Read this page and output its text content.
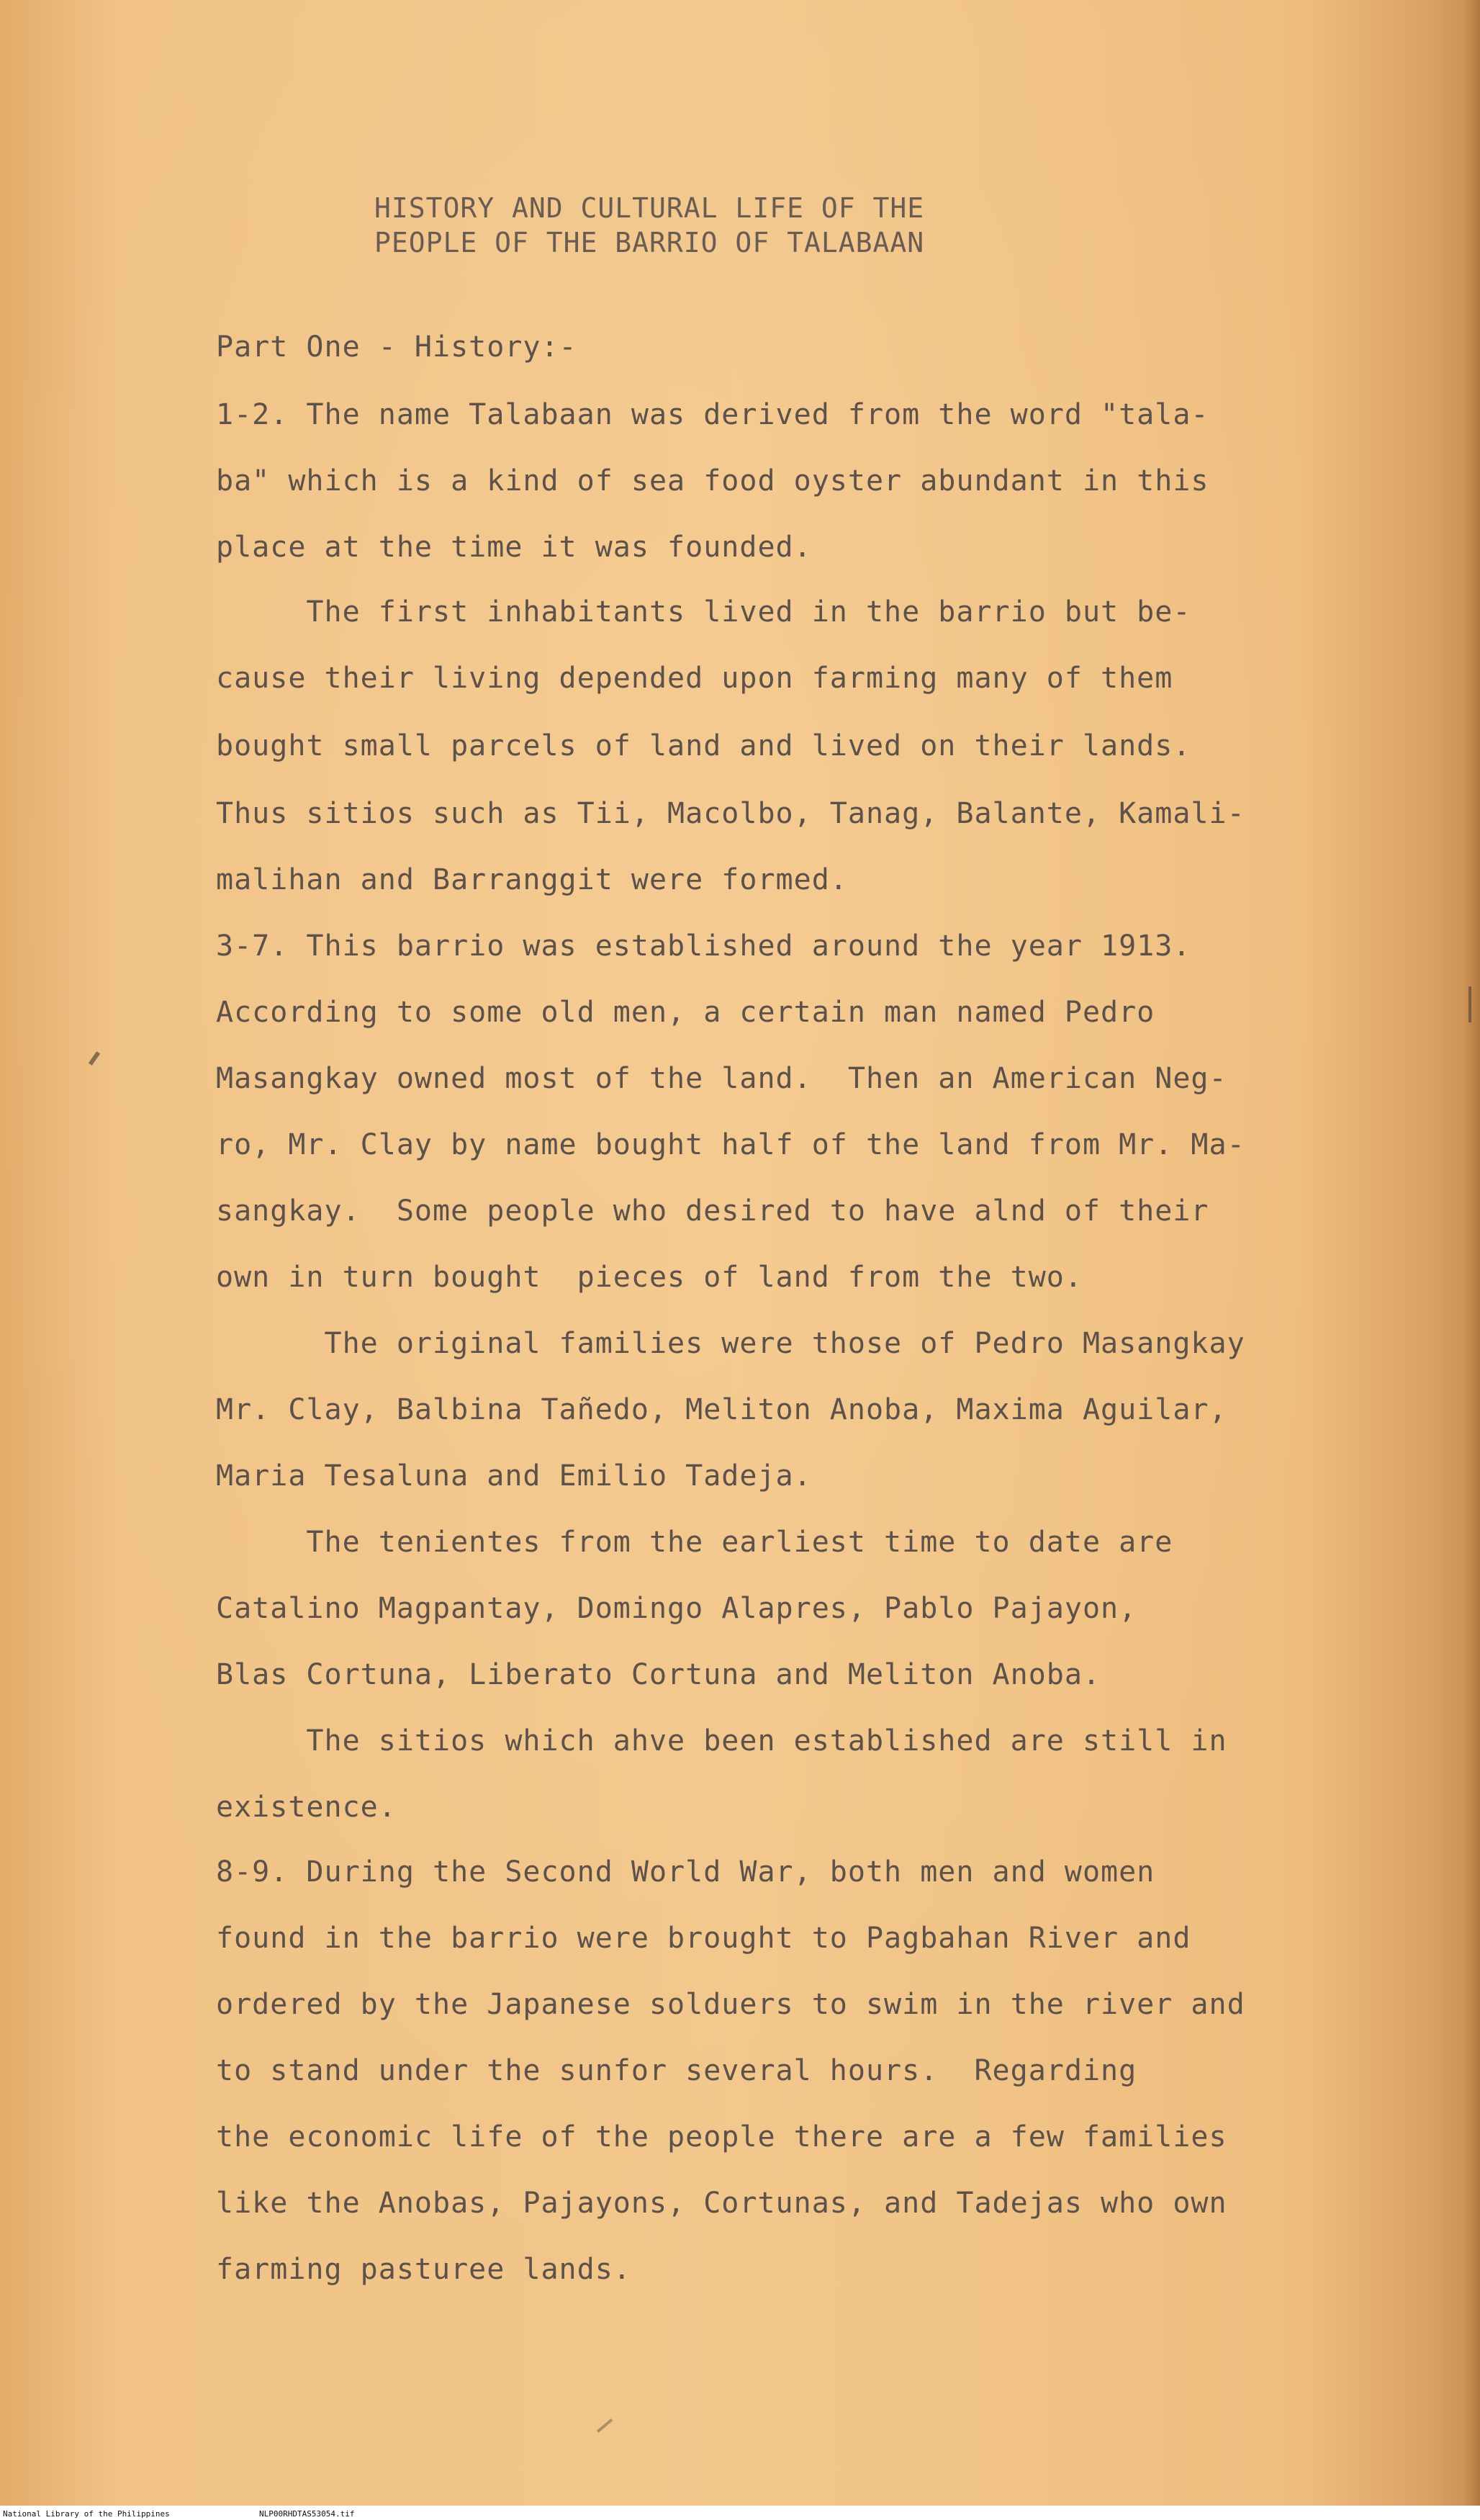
HISTORY AND CULTURAL LIFE OF THE

PEOPLE OF THE BARRIO OF TALABAAN

Part One - History:-

1-2. The name Talabaan was derived from the word "tala-

ba" which is a kind of sea food oyster abundant in this

place at the time it was founded.

The first inhabitants lived in the barrio but be-

cause their living depended upon farming many of them

bought small parcels of land and lived on their lands.

Thus sitios such as Tii, Macolbo, Tanag, Balante, Kamali-

malihan and Barranggit were formed.

3-7. This barrio was established around the year 1913.

According to some old men, a certain man named Pedro

Masangkay owned most of the land.  Then an American Neg-

ro, Mr. Clay by name bought half of the land from Mr. Ma-

sangkay.  Some people who desired to have alnd of their

own in turn bought  pieces of land from the two.

The original families were those of Pedro Masangkay

Mr. Clay, Balbina Tañedo, Meliton Anoba, Maxima Aguilar,

Maria Tesaluna and Emilio Tadeja.

The tenientes from the earliest time to date are

Catalino Magpantay, Domingo Alapres, Pablo Pajayon,

Blas Cortuna, Liberato Cortuna and Meliton Anoba.

The sitios which ahve been established are still in

existence.

8-9. During the Second World War, both men and women

found in the barrio were brought to Pagbahan River and

ordered by the Japanese solduers to swim in the river and

to stand under the sunfor several hours.  Regarding

the economic life of the people there are a few families

like the Anobas, Pajayons, Cortunas, and Tadejas who own

farming pasturee lands.

National Library of the Philippines	NLP00RHDTAS53054.tif
